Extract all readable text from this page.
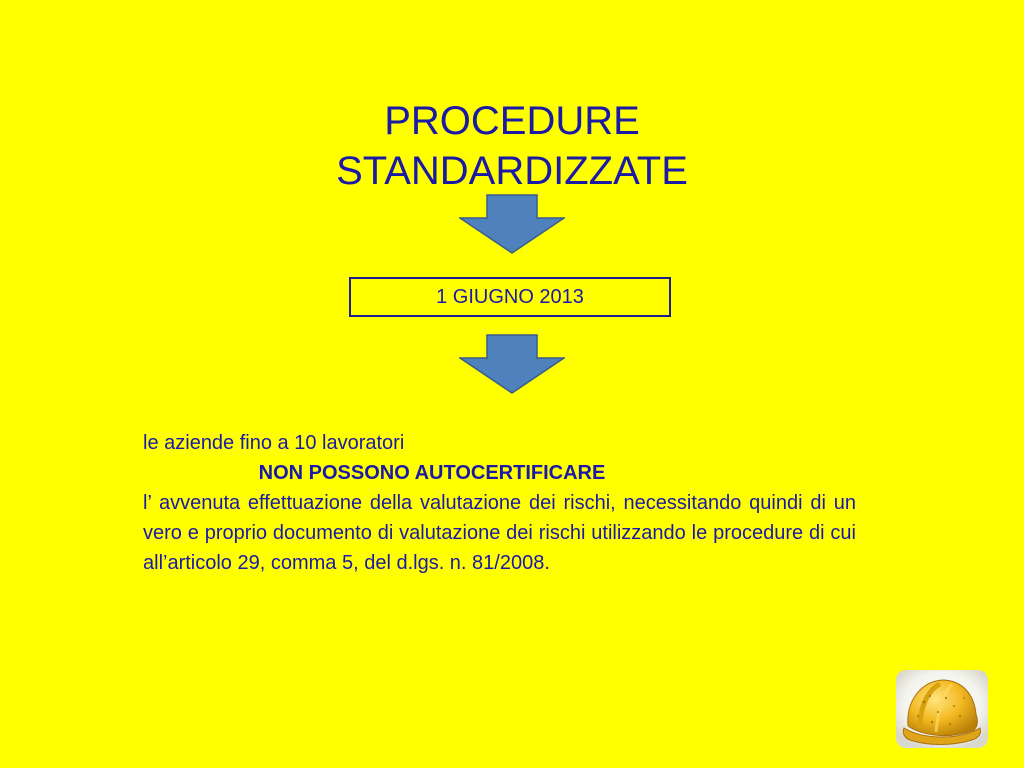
PROCEDURE
STANDARDIZZATE
1 GIUGNO 2013
le aziende fino a 10 lavoratori
NON POSSONO AUTOCERTIFICARE
l’ avvenuta effettuazione della valutazione dei rischi, necessitando quindi di un vero e proprio documento di valutazione dei rischi utilizzando le procedure di cui all’articolo 29, comma 5, del d.lgs. n. 81/2008.
